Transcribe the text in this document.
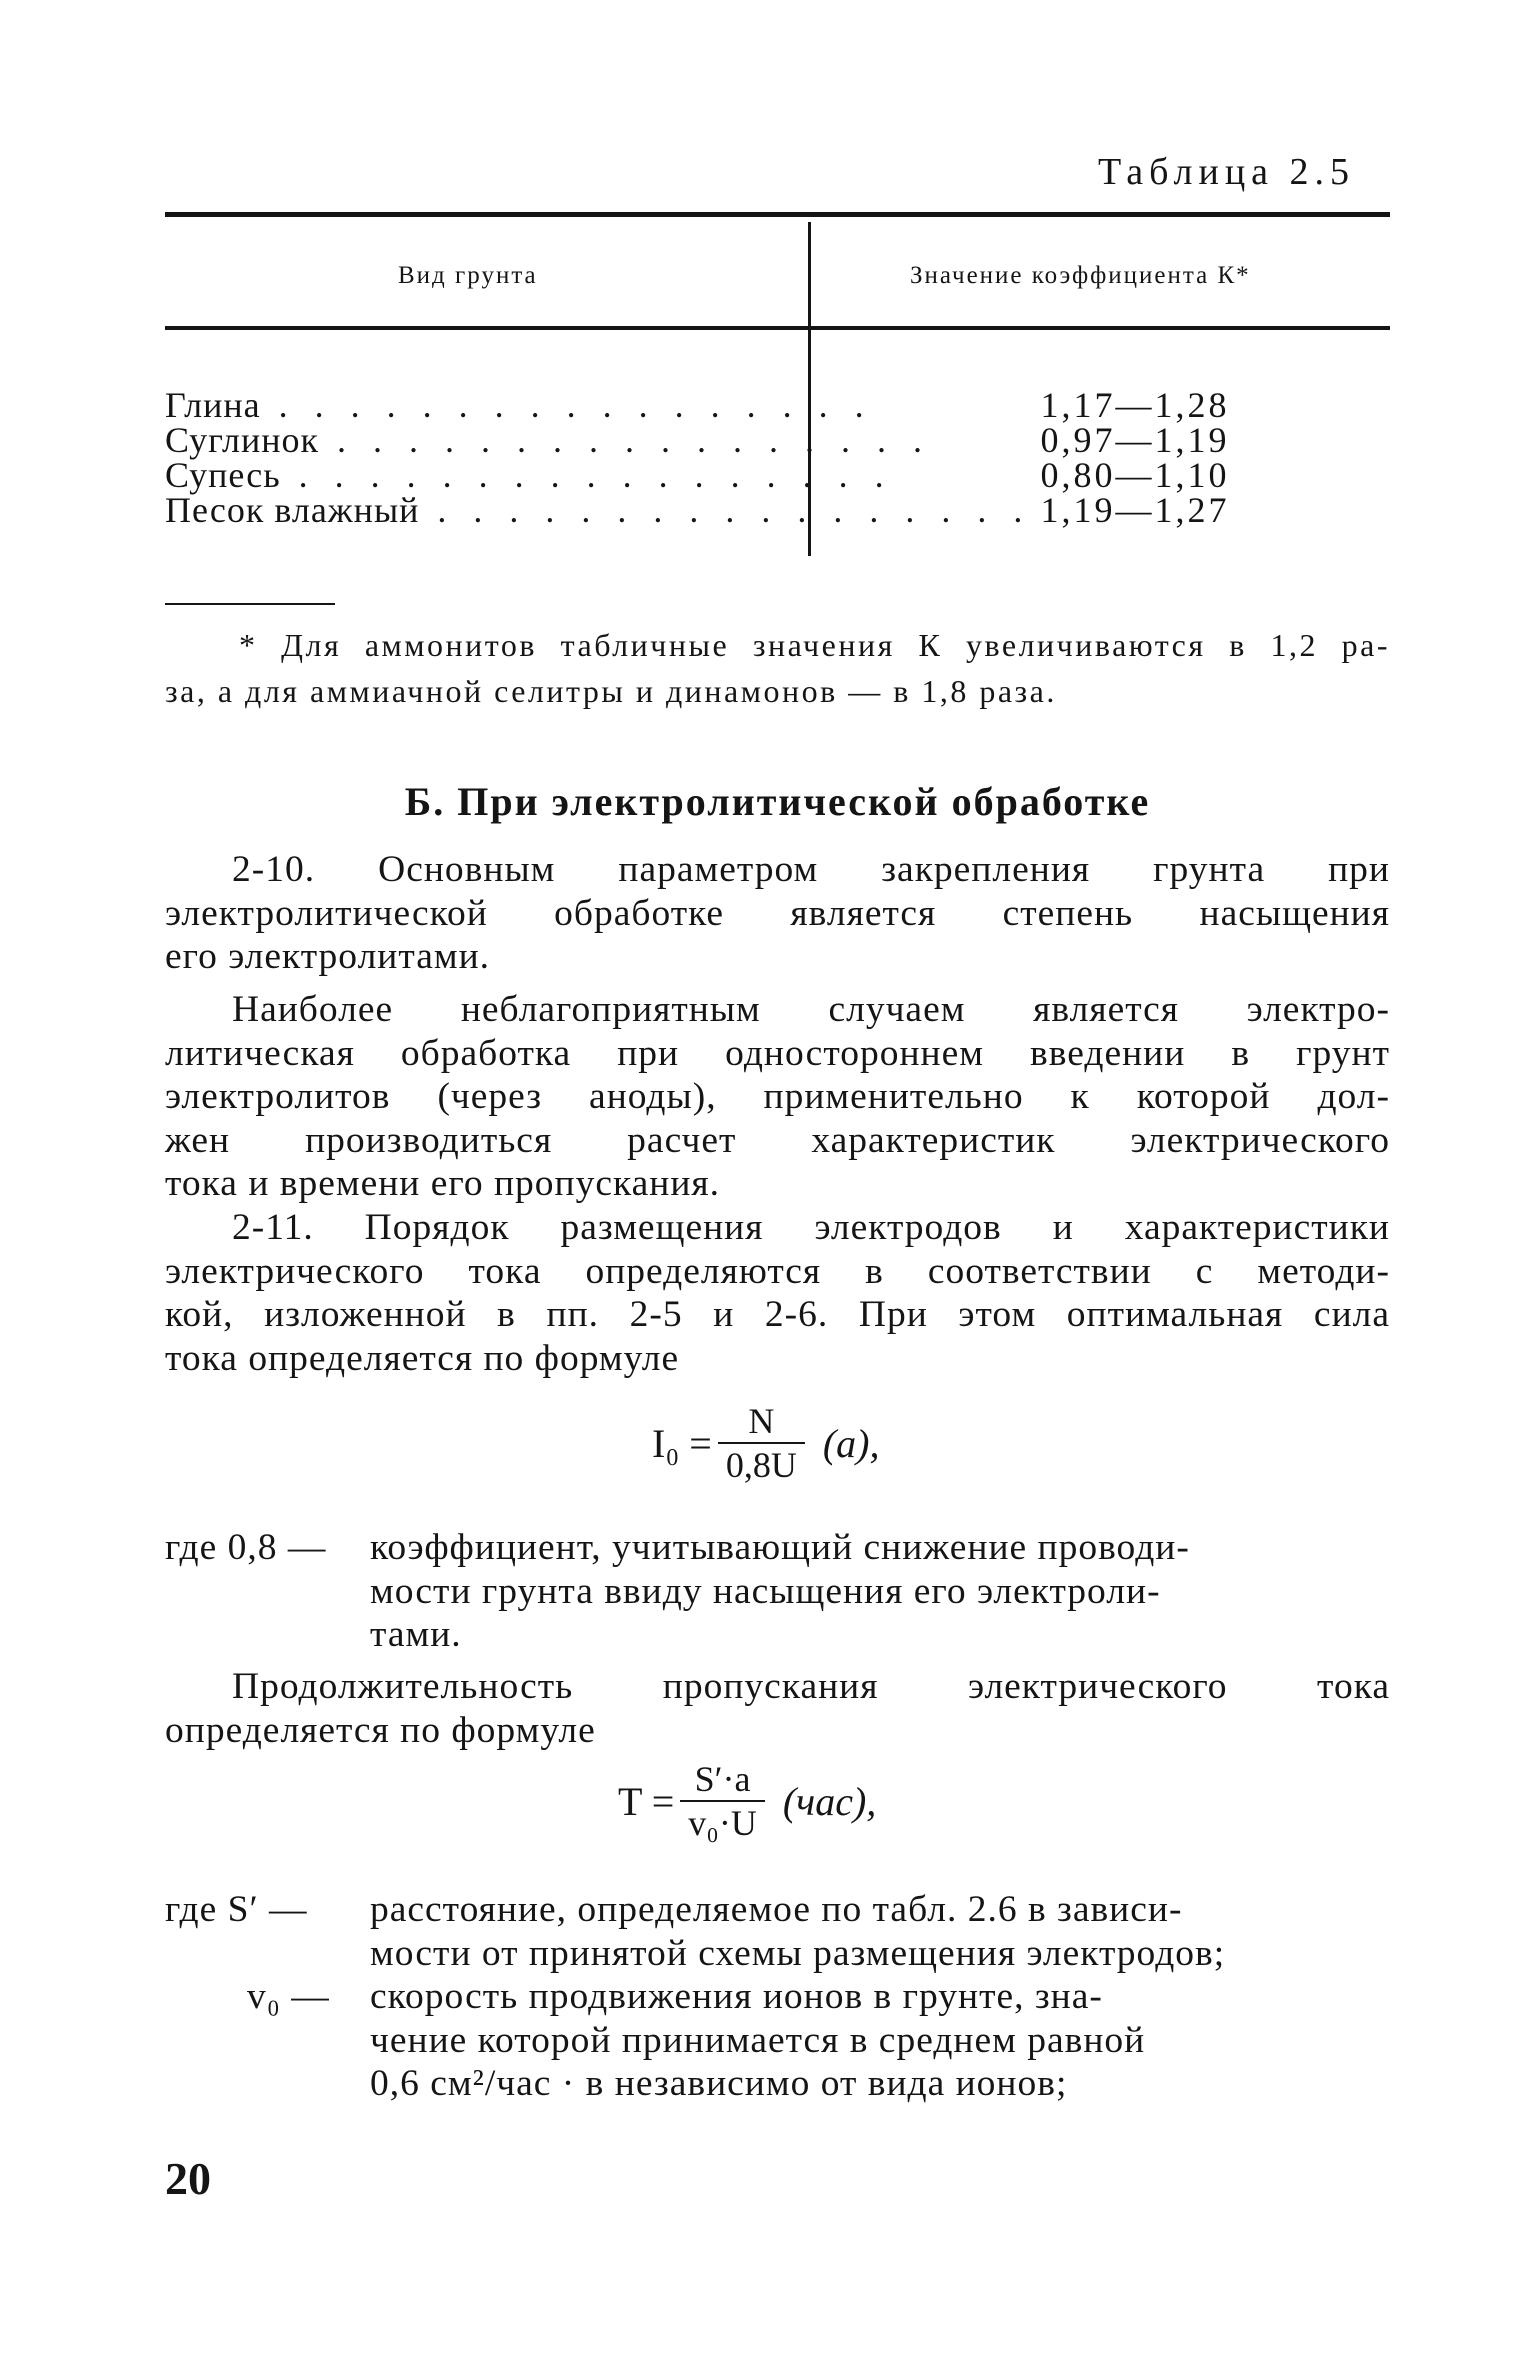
Таблица 2.5
Вид грунта	Значение коэффициента К*
Глина . . . . . . . . . . . . . . . . .	1,17—1,28
Суглинок . . . . . . . . . . . . . . . . .	0,97—1,19
Супесь . . . . . . . . . . . . . . . . .	0,80—1,10
Песок влажный . . . . . . . . . . . . . . . . . 1,19—1,27

* Для аммонитов табличные значения К увеличиваются в 1,2 ра-

за, а для аммиачной селитры и динамонов — в 1,8 раза.

Б. При электролитической обработке

2-10. Основным параметром закрепления грунта при

электролитической обработке является степень насыщения

его электролитами.

Наиболее неблагоприятным случаем является электро-

литическая обработка при одностороннем введении в грунт

электролитов (через аноды), применительно к которой дол-

жен производиться расчет характеристик электрического

тока и времени его пропускания.

2-11. Порядок размещения электродов и характеристики

электрического тока определяются в соответствии с методи-

кой, изложенной в пп. 2-5 и 2-6. При этом оптимальная сила

тока определяется по формуле

$I_0 = \frac{N}{0,8U} (a)$,
где 0,8 — коэффициент, учитывающий снижение проводи-

мости грунта ввиду насыщения его электроли-

тами.

Продолжительность пропускания электрического тока

определяется по формуле

$T = \frac{S'\cdot a}{\text{v₀·U}} (час)$,
где S′ — расстояние, определяемое по табл. 2.6 в зависи-

мости от принятой схемы размещения электродов;

v₀ — скорость продвижения ионов в грунте, зна-

чение которой принимается в среднем равной

0,6 см²/час · в независимо от вида ионов;

20
